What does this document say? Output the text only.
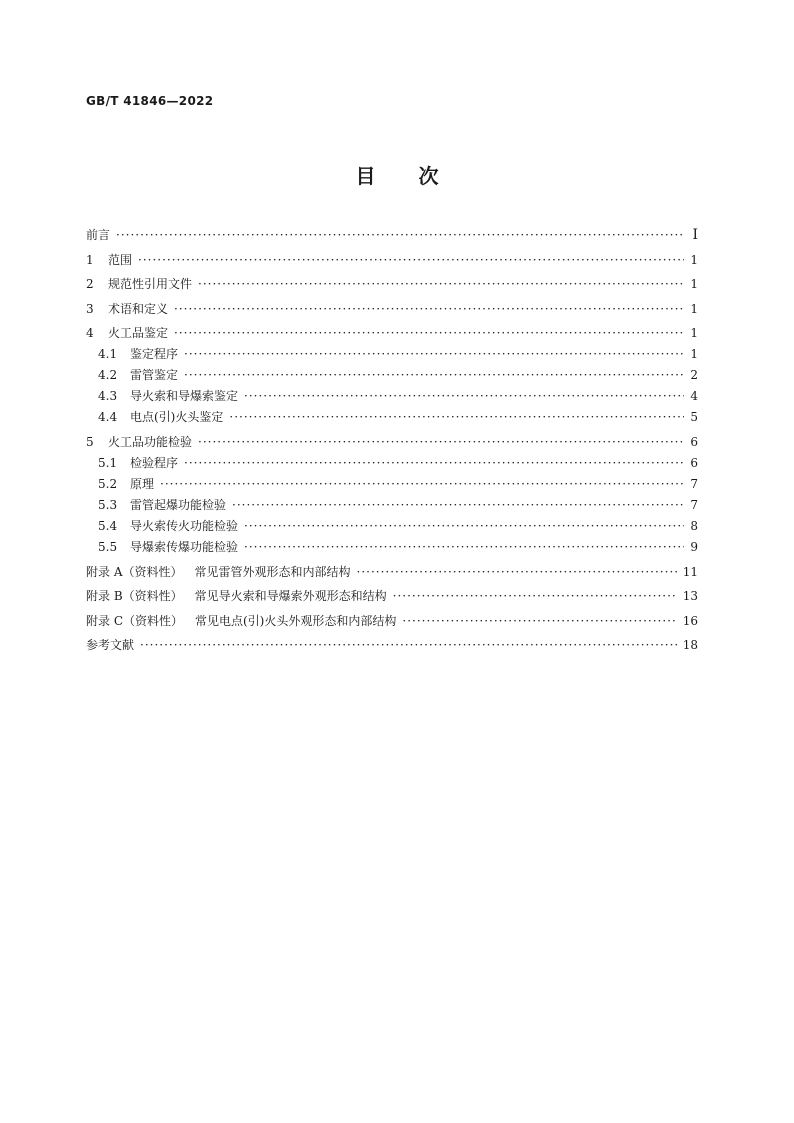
GB/T 41846—2022
目 次
前言 ·····	I
1	范围 ·····	1
2	规范性引用文件 ·····	1
3	术语和定义 ·····	1
4	火工品鉴定 ·····	1
4.1	鉴定程序 ·····	1
4.2	雷管鉴定 ·····	2
4.3	导火索和导爆索鉴定 ·····	4
4.4	电点(引)火头鉴定 ·····	5
5	火工品功能检验 ·····	6
5.1	检验程序 ·····	6
5.2	原理 ·····	7
5.3	雷管起爆功能检验 ·····	7
5.4	导火索传火功能检验 ·····	8
5.5	导爆索传爆功能检验 ·····	9
附录 A（资料性） 常见雷管外观形态和内部结构 ·····	11
附录 B（资料性） 常见导火索和导爆索外观形态和结构 ·····	13
附录 C（资料性） 常见电点(引)火头外观形态和内部结构 ·····	16
参考文献 ·····	18
